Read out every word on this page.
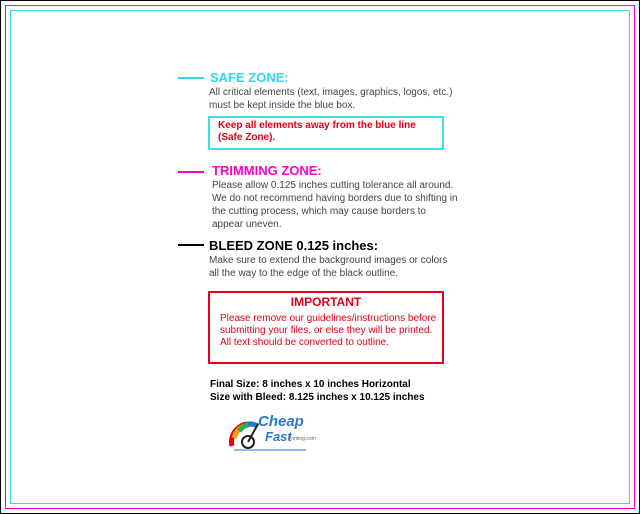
SAFE ZONE:
All critical elements (text, images, graphics, logos, etc.)
must be kept inside the blue box.
Keep all elements away from the blue line
(Safe Zone).
TRIMMING ZONE:
Please allow 0.125 inches cutting tolerance all around.
We do not recommend having borders due to shifting in
the cutting process, which may cause borders to
appear uneven.
BLEED ZONE 0.125 inches:
Make sure to extend the background images or colors
all the way to the edge of the black outline.
IMPORTANT
Please remove our guidelines/instructions before
submitting your files, or else they will be printed.
All text should be converted to outline.
Final Size: 8 inches x 10 inches Horizontal
Size with Bleed: 8.125 inches x 10.125 inches
Cheap
Fast
Printing.com
